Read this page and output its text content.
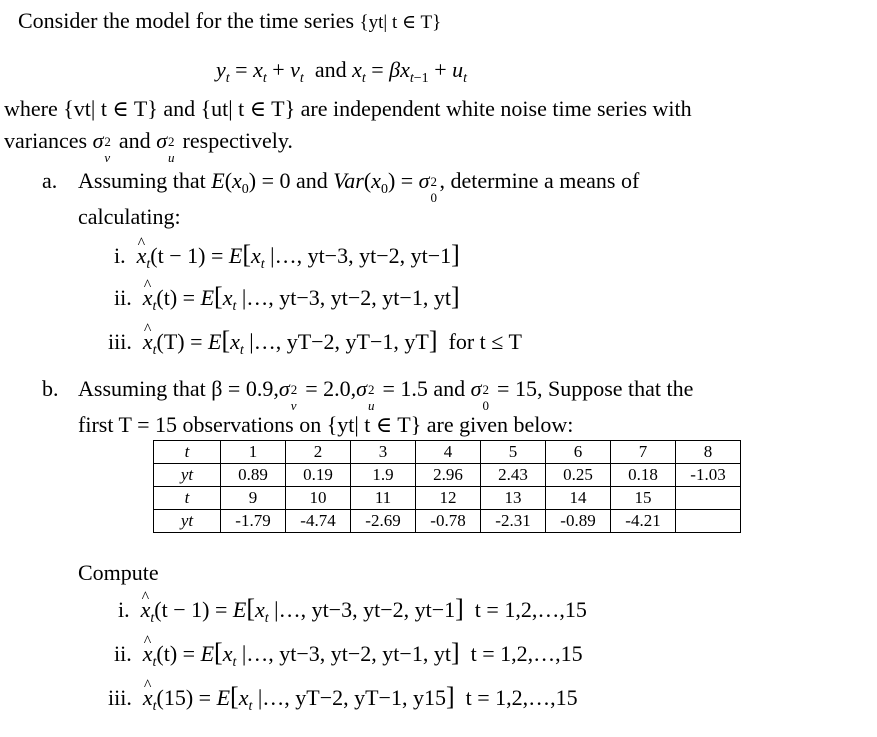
Consider the model for the time series {yt| t ∈ T}
$y_t = x_t + v_t$ and $x_t = \beta x_{t-1} + u_t$
where {vt| t ∈ T} and {ut| t ∈ T} are independent white noise time series with
variances σ 2
v
and σ 2
u
respectively.
a. Assuming that $E(x_0) = 0$ and $Var(x_0) = \sigma$ 2
0
, determine a means of
calculating:
i. ^ $x_t(t - 1) = E[x_t$ |…, yt−3, yt−2, yt−1]
ii. ^ $x_t(t) = E[x_t$ |…, yt−3, yt−2, yt−1, yt]
iii. ^ $x_t(T) = E[x_t$ |…, yT−2, yT−1, yT] for t ≤ T
b. Assuming that β = 0.9,σ 2
v
= 2.0,σ 2
u
= 1.5 and σ 2
0
= 15, Suppose that the
first T = 15 observations on {yt| t ∈ T} are given below:
t	1	2	3	4	5	6	7	8
yt	0.89	0.19	1.9	2.96	2.43	0.25	0.18	-1.03
t	9	10	11	12	13	14	15	
yt	-1.79	-4.74	-2.69	-0.78	-2.31	-0.89	-4.21	
Compute
i. ^ $x_t(t - 1) = E[x_t$ |…, yt−3, yt−2, yt−1] t = 1,2,…,15
ii. ^ $x_t(t) = E[x_t$ |…, yt−3, yt−2, yt−1, yt] t = 1,2,…,15
iii. ^ $x_t(15) = E[x_t$ |…, yT−2, yT−1, y15] t = 1,2,…,15
